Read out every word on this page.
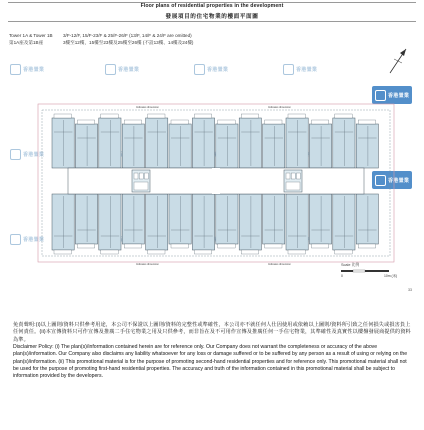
Floor plans of residential properties in the development
發展項目的住宅物業的樓面平面圖
Tower 1A & Tower 1B
第1A座及第1B座
3/F-12/F, 15/F-23/F & 25/F-26/F (13/F, 14/F & 24/F are omitted)
3樓至12樓，15樓至23樓及25樓至26樓 (不設13樓、14樓及24樓)
香港置業	香港置業	香港置業	香港置業
香港置業
香港置業
香港置業
香港置業
Indicates dimension	Indicates dimension
Indicates dimension	Indicates dimension	Scale 比例
0	10m (米)
33

免責聲明:(i)以上圖則/資料只供參考用途，本公司不保證以上圖則/資料的完整性或準確性，本公司亦不就任何人仕因使用或依賴以上圖則/資料所引致之任何損失或損害負上任何責任。(ii)本宣傳資料只可作宣傳及推廣二手住宅物業之用及只供參考，而非旨在及不可用作宣傳及推廣任何一手住宅物業，其準確性及真實性以樓盤發展商提供的資料為準。

Disclaimer Policy: (i) The plan(s)/information contained herein are for reference only. Our Company does not warrant the completeness or accuracy of the above plan(s)/information. Our Company also disclaims any liability whatsoever for any loss or damage suffered or to be suffered by any person as a result of using or relying on the plan(s)/information. (ii) This promotional material is for the purpose of promoting second-hand residential properties and for reference only. This promotional material shall not be used for the purpose of promoting first-hand residential properties. The accuracy and truth of the information contained in this promotional material shall be subject to information provided by the developers.
